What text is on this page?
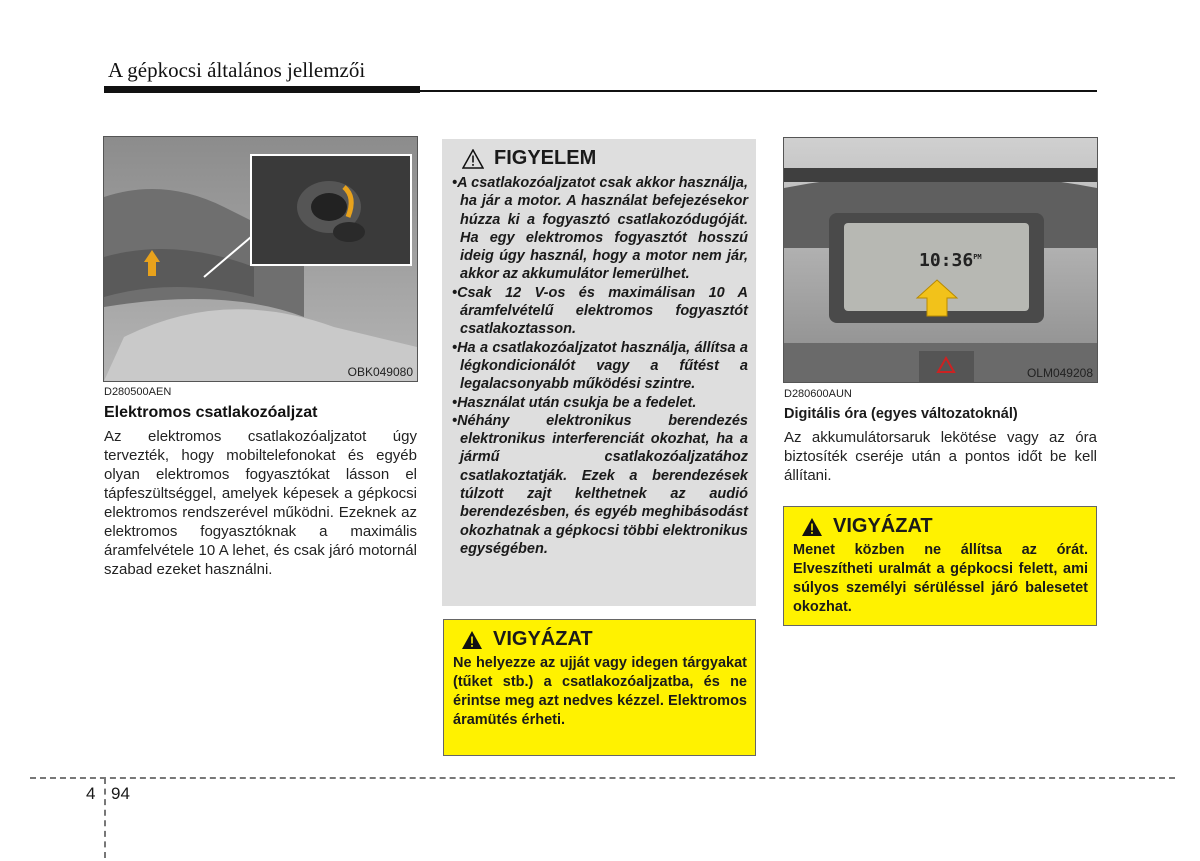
A gépkocsi általános jellemzői
OBK049080
D280500AEN
Elektromos csatlakozóaljzat
Az elektromos csatlakozóaljzatot úgy tervezték, hogy mobiltelefonokat és egyéb olyan elektromos fogyasztókat lásson el tápfeszültséggel, amelyek képesek a gépkocsi elektromos rendszerével működni. Ezeknek az elektromos fogyasztóknak a maximális áramfelvétele 10 A lehet, és csak járó motornál szabad ezeket használni.
FIGYELEM
•A csatlakozóaljzatot csak akkor használja, ha jár a motor. A használat befejezésekor húzza ki a fogyasztó csatlakozódugóját. Ha egy elektromos fogyasztót hosszú ideig úgy használ, hogy a motor nem jár, akkor az akkumulátor lemerülhet.
•Csak 12 V-os és maximálisan 10 A áramfelvételű elektromos fogyasztót csatlakoztasson.
•Ha a csatlakozóaljzatot használja, állítsa a légkondicionálót vagy a fűtést a legalacsonyabb működési szintre.
•Használat után csukja be a fedelet.
•Néhány elektronikus berendezés elektronikus interferenciát okozhat, ha a jármű csatlakozóaljzatához csatlakoztatják. Ezek a berendezések túlzott zajt kelthetnek az audió berendezésben, és egyéb meghibásodást okozhatnak a gépkocsi többi elektronikus egységében.
VIGYÁZAT
Ne helyezze az ujját vagy idegen tárgyakat (tűket stb.) a csatlakozóaljzatba, és ne érintse meg azt nedves kézzel. Elektromos áramütés érheti.
$10:36^{PM}$
OLM049208
D280600AUN
Digitális óra (egyes változatoknál)
Az akkumulátorsaruk lekötése vagy az óra biztosíték cseréje után a pontos időt be kell állítani.
VIGYÁZAT
Menet közben ne állítsa az órát. Elveszítheti uralmát a gépkocsi felett, ami súlyos személyi sérüléssel járó balesetet okozhat.
4 94
